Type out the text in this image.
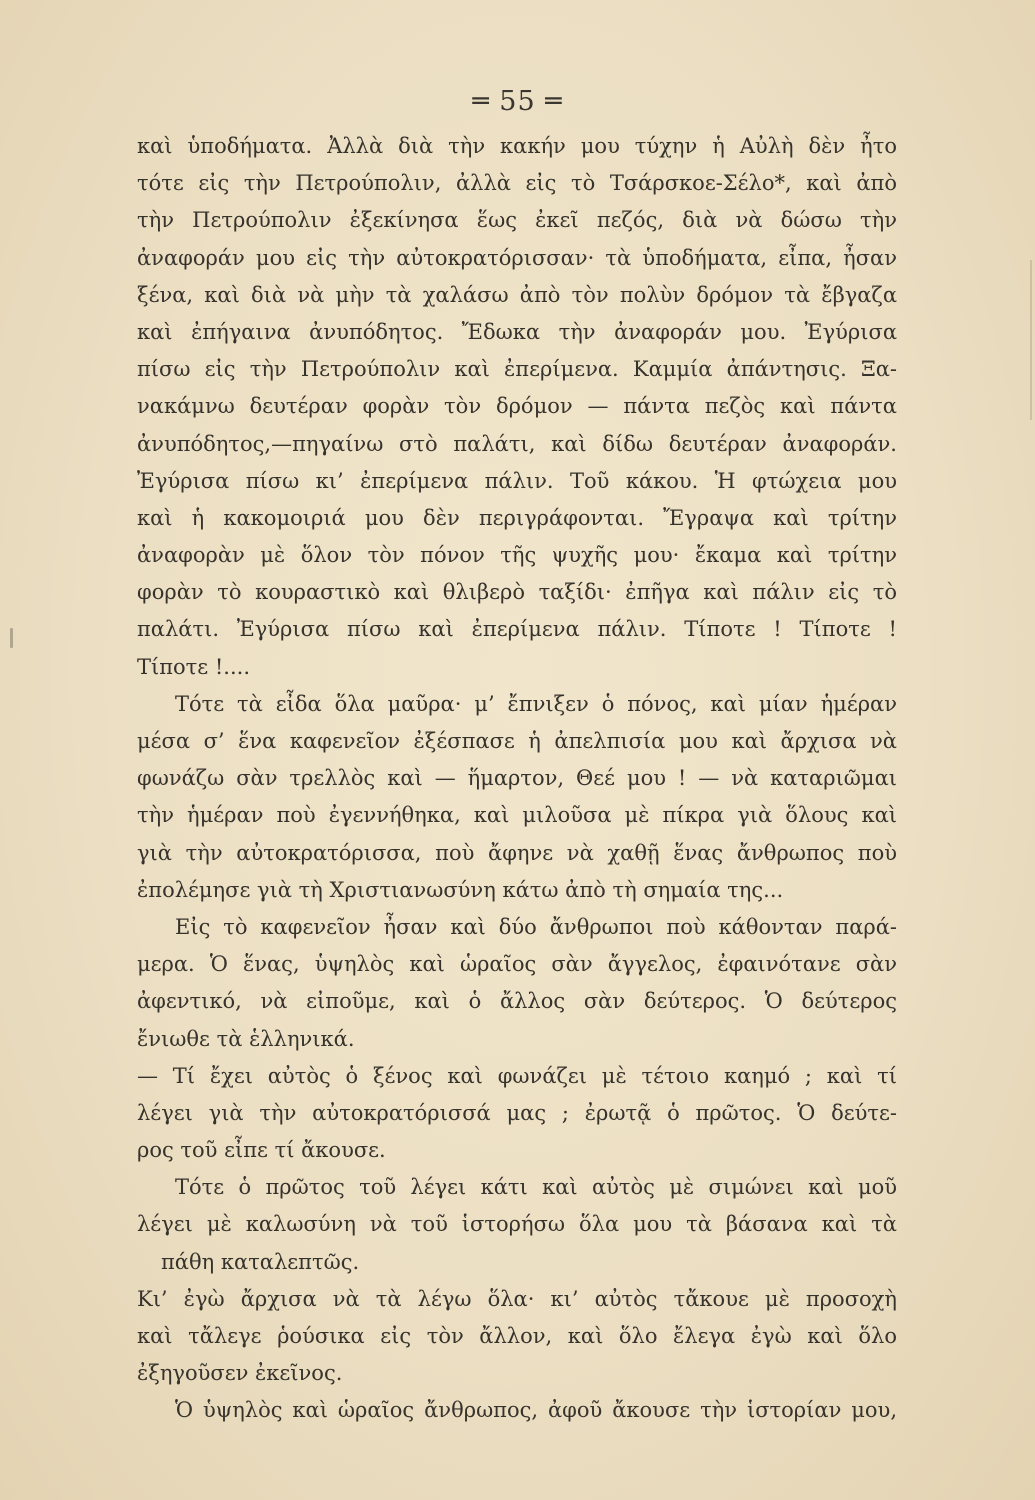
═ 55 ═
καὶ ὑποδήματα. Ἀλλὰ διὰ τὴν κακήν μου τύχην ἡ Αὐλὴ δὲν ἦτο
τότε εἰς τὴν Πετρούπολιν, ἀλλὰ εἰς τὸ Τσάρσκοε-Σέλο*, καὶ ἀπὸ
τὴν Πετρούπολιν ἐξεκίνησα ἕως ἐκεῖ πεζός, διὰ νὰ δώσω τὴν
ἀναφοράν μου εἰς τὴν αὐτοκρατόρισσαν· τὰ ὑποδήματα, εἶπα, ἦσαν
ξένα, καὶ διὰ νὰ μὴν τὰ χαλάσω ἀπὸ τὸν πολὺν δρόμον τὰ ἔβγαζα
καὶ ἐπήγαινα ἀνυπόδητος. Ἔδωκα τὴν ἀναφοράν μου. Ἐγύρισα
πίσω εἰς τὴν Πετρούπολιν καὶ ἐπερίμενα. Καμμία ἀπάντησις. Ξα-
νακάμνω δευτέραν φορὰν τὸν δρόμον — πάντα πεζὸς καὶ πάντα
ἀνυπόδητος,—πηγαίνω στὸ παλάτι, καὶ δίδω δευτέραν ἀναφοράν.
Ἐγύρισα πίσω κι’ ἐπερίμενα πάλιν. Τοῦ κάκου. Ἡ φτώχεια μου
καὶ ἡ κακομοιριά μου δὲν περιγράφονται. Ἔγραψα καὶ τρίτην
ἀναφορὰν μὲ ὅλον τὸν πόνον τῆς ψυχῆς μου· ἔκαμα καὶ τρίτην
φορὰν τὸ κουραστικὸ καὶ θλιβερὸ ταξίδι· ἐπῆγα καὶ πάλιν εἰς τὸ
παλάτι. Ἐγύρισα πίσω καὶ ἐπερίμενα πάλιν. Τίποτε ! Τίποτε !
Τίποτε !....
Τότε τὰ εἶδα ὅλα μαῦρα· μ’ ἔπνιξεν ὁ πόνος, καὶ μίαν ἡμέραν
μέσα σ’ ἕνα καφενεῖον ἐξέσπασε ἡ ἀπελπισία μου καὶ ἄρχισα νὰ
φωνάζω σὰν τρελλὸς καὶ — ἥμαρτον, Θεέ μου ! — νὰ καταριῶμαι
τὴν ἡμέραν ποὺ ἐγεννήθηκα, καὶ μιλοῦσα μὲ πίκρα γιὰ ὅλους καὶ
γιὰ τὴν αὐτοκρατόρισσα, ποὺ ἄφηνε νὰ χαθῇ ἕνας ἄνθρωπος ποὺ
ἐπολέμησε γιὰ τὴ Χριστιανωσύνη κάτω ἀπὸ τὴ σημαία της...
Εἰς τὸ καφενεῖον ἦσαν καὶ δύο ἄνθρωποι ποὺ κάθονταν παρά-
μερα. Ὁ ἕνας, ὑψηλὸς καὶ ὡραῖος σὰν ἄγγελος, ἐφαινότανε σὰν
ἀφεντικό, νὰ εἰποῦμε, καὶ ὁ ἄλλος σὰν δεύτερος. Ὁ δεύτερος
ἔνιωθε τὰ ἑλληνικά.
— Τί ἔχει αὐτὸς ὁ ξένος καὶ φωνάζει μὲ τέτοιο καημό ; καὶ τί
λέγει γιὰ τὴν αὐτοκρατόρισσά μας ; ἐρωτᾷ ὁ πρῶτος. Ὁ δεύτε-
ρος τοῦ εἶπε τί ἄκουσε.
Τότε ὁ πρῶτος τοῦ λέγει κάτι καὶ αὐτὸς μὲ σιμώνει καὶ μοῦ
λέγει μὲ καλωσύνη νὰ τοῦ ἱστορήσω ὅλα μου τὰ βάσανα καὶ τὰ
πάθη καταλεπτῶς.
Κι’ ἐγὼ ἄρχισα νὰ τὰ λέγω ὅλα· κι’ αὐτὸς τἄκουε μὲ προσοχὴ
καὶ τἄλεγε ῥούσικα εἰς τὸν ἄλλον, καὶ ὅλο ἔλεγα ἐγὼ καὶ ὅλο
ἐξηγοῦσεν ἐκεῖνος.
Ὁ ὑψηλὸς καὶ ὡραῖος ἄνθρωπος, ἀφοῦ ἄκουσε τὴν ἱστορίαν μου,
